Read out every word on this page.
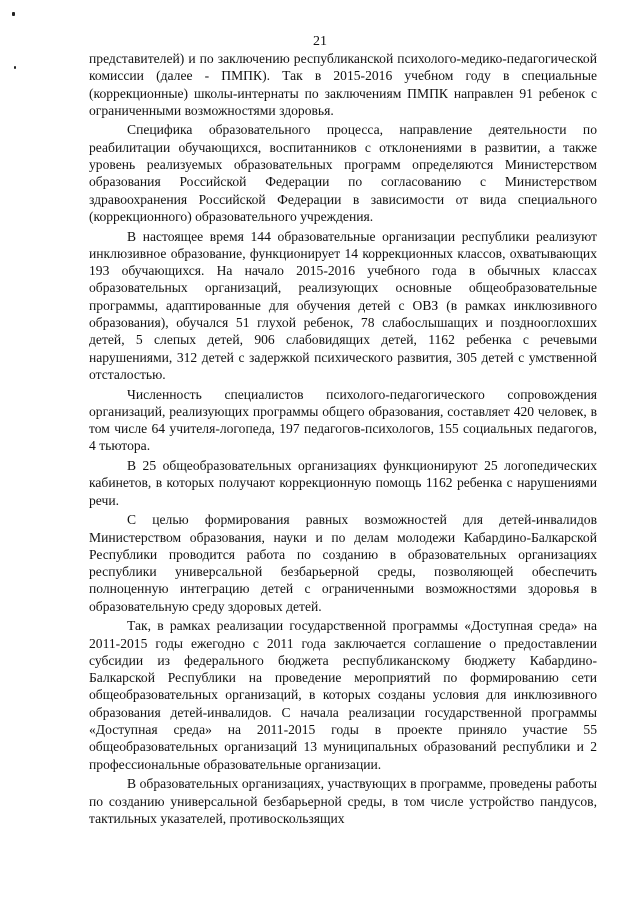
21

представителей) и по заключению республиканской психолого-медико-педагогической комиссии (далее - ПМПК). Так в 2015-2016 учебном году в специальные (коррекционные) школы-интернаты по заключениям ПМПК направлен 91 ребенок с ограниченными возможностями здоровья.

Специфика образовательного процесса, направление деятельности по реабилитации обучающихся, воспитанников с отклонениями в развитии, а также уровень реализуемых образовательных программ определяются Министерством образования Российской Федерации по согласованию с Министерством здравоохранения Российской Федерации в зависимости от вида специального (коррекционного) образовательного учреждения.

В настоящее время 144 образовательные организации республики реализуют инклюзивное образование, функционирует 14 коррекционных классов, охватывающих 193 обучающихся. На начало 2015-2016 учебного года в обычных классах образовательных организаций, реализующих основные общеобразовательные программы, адаптированные для обучения детей с ОВЗ (в рамках инклюзивного образования), обучался 51 глухой ребенок, 78 слабослышащих и позднооглохших детей, 5 слепых детей, 906 слабовидящих детей, 1162 ребенка с речевыми нарушениями, 312 детей с задержкой психического развития, 305 детей с умственной отсталостью.

Численность специалистов психолого-педагогического сопровождения организаций, реализующих программы общего образования, составляет 420 человек, в том числе 64 учителя-логопеда, 197 педагогов-психологов, 155 социальных педагогов, 4 тьютора.

В 25 общеобразовательных организациях функционируют 25 логопедических кабинетов, в которых получают коррекционную помощь 1162 ребенка с нарушениями речи.

С целью формирования равных возможностей для детей-инвалидов Министерством образования, науки и по делам молодежи Кабардино-Балкарской Республики проводится работа по созданию в образовательных организациях республики универсальной безбарьерной среды, позволяющей обеспечить полноценную интеграцию детей с ограниченными возможностями здоровья в образовательную среду здоровых детей.

Так, в рамках реализации государственной программы «Доступная среда» на 2011-2015 годы ежегодно с 2011 года заключается соглашение о предоставлении субсидии из федерального бюджета республиканскому бюджету Кабардино-Балкарской Республики на проведение мероприятий по формированию сети общеобразовательных организаций, в которых созданы условия для инклюзивного образования детей-инвалидов. С начала реализации государственной программы «Доступная среда» на 2011-2015 годы в проекте приняло участие 55 общеобразовательных организаций 13 муниципальных образований республики и 2 профессиональные образовательные организации.

В образовательных организациях, участвующих в программе, проведены работы по созданию универсальной безбарьерной среды, в том числе устройство пандусов, тактильных указателей, противоскользящих
